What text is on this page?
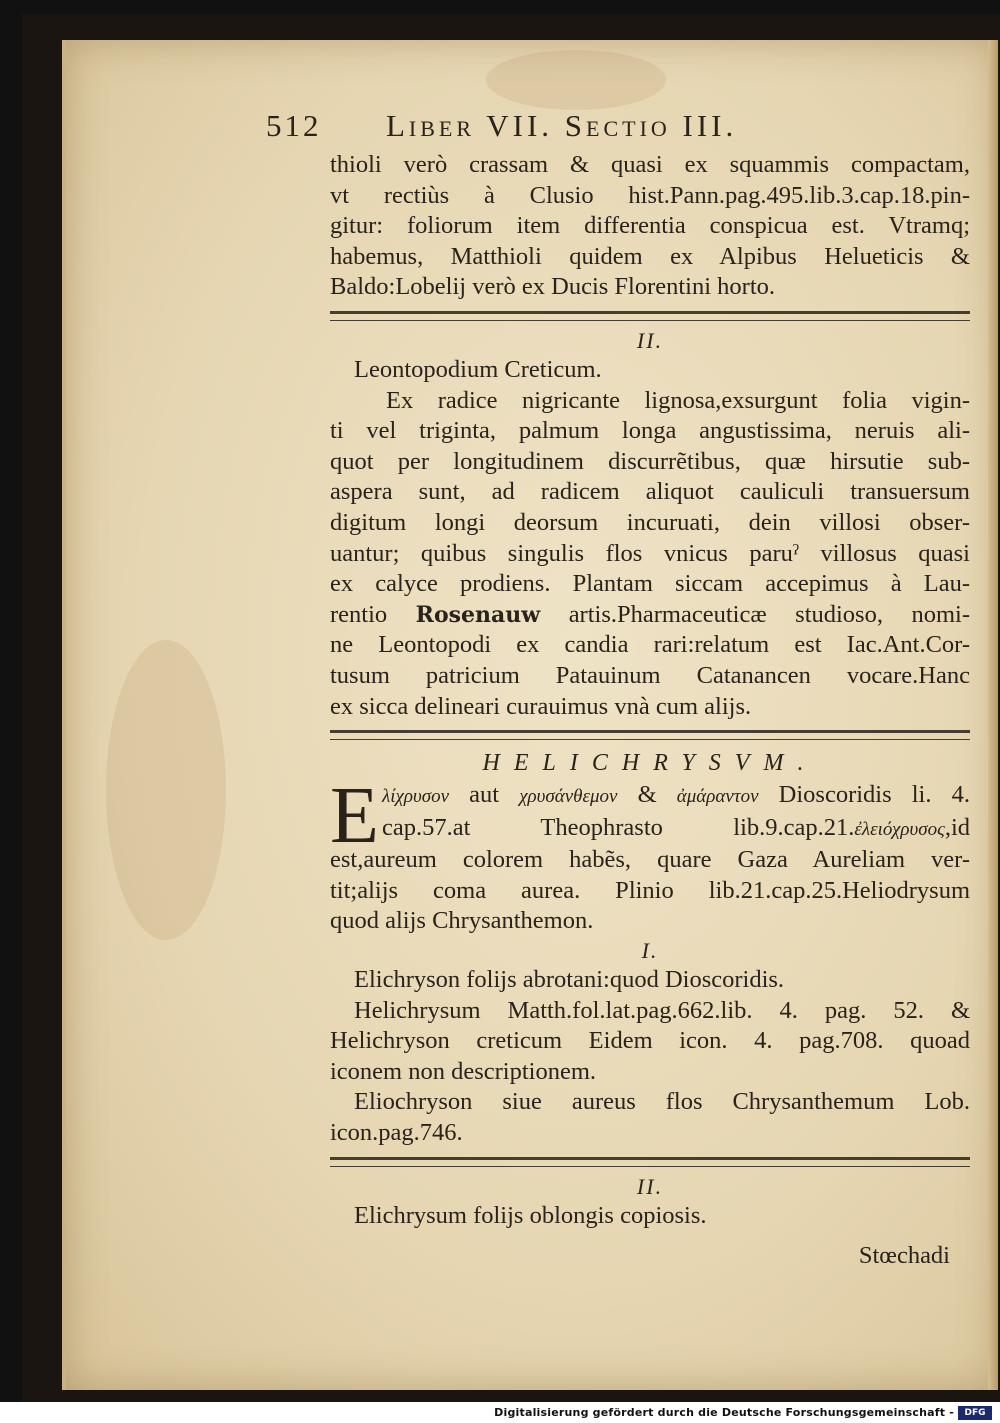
512	Liber VII. Sectio III.
thioli verò crassam & quasi ex squammis compactam,
vt rectiùs à Clusio hist.Pann.pag.495.lib.3.cap.18.pin-
gitur: foliorum item differentia conspicua est. Vtramq;
habemus, Matthioli quidem ex Alpibus Helueticis &
Baldo:Lobelij verò ex Ducis Florentini horto.
II.
Leontopodium Creticum.
Ex radice nigricante lignosa,exsurgunt folia vigin-
ti vel triginta, palmum longa angustissima, neruis ali-
quot per longitudinem discurrẽtibus, quæ hirsutie sub-
aspera sunt, ad radicem aliquot cauliculi transuersum
digitum longi deorsum incuruati, dein villosi obser-
uantur; quibus singulis flos vnicus paruˀ villosus quasi
ex calyce prodiens. Plantam siccam accepimus à Lau-
rentio Rosenauw artis.Pharmaceuticæ studioso, nomi-
ne Leontopodi ex candia rari:relatum est Iac.Ant.Cor-
tusum patricium Patauinum Catanancen vocare.Hanc
ex sicca delineari curauimus vnà cum alijs.
HELICHRYSVM.
E λίχρυσον aut χρυσάνθεμον & ἀμάραντον Dioscoridis li. 4.
cap.57.at Theophrasto lib.9.cap.21.ἐλειόχρυσος,id
est,aureum colorem habẽs, quare Gaza Aureliam ver-
tit;alijs coma aurea. Plinio lib.21.cap.25.Heliodrysum
quod alijs Chrysanthemon.
I.
Elichryson folijs abrotani:quod Dioscoridis.
Helichrysum Matth.fol.lat.pag.662.lib. 4. pag. 52. &
Helichryson creticum Eidem icon. 4. pag.708. quoad
iconem non descriptionem.
Eliochryson siue aureus flos Chrysanthemum Lob.
icon.pag.746.
II.
Elichrysum folijs oblongis copiosis.
Stœchadi
Digitalisierung gefördert durch die Deutsche Forschungsgemeinschaft -	DFG
